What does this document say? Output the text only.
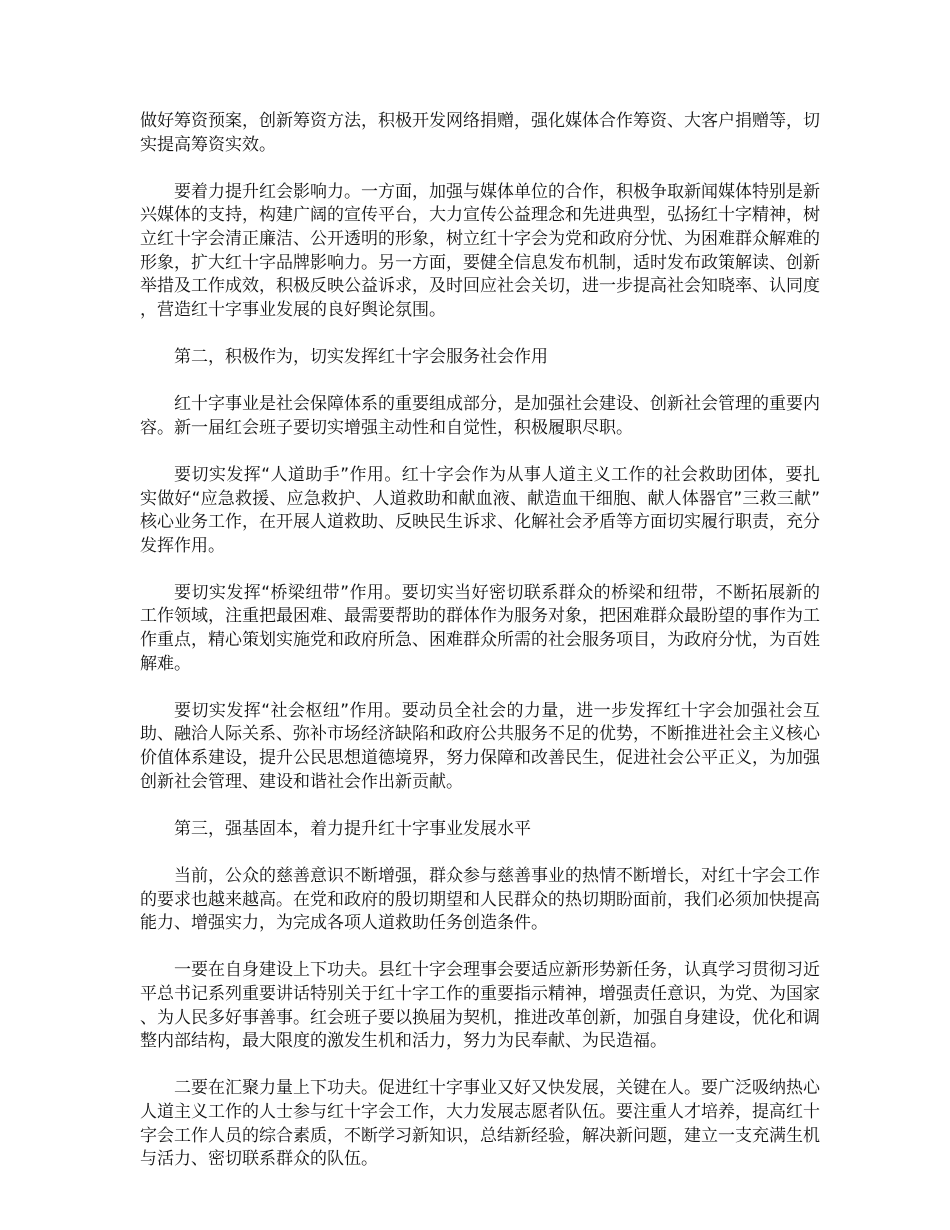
做好筹资预案，创新筹资方法，积极开发网络捐赠，强化媒体合作筹资、大客户捐赠等，切实提高筹资实效。

要着力提升红会影响力。一方面，加强与媒体单位的合作，积极争取新闻媒体特别是新兴媒体的支持，构建广阔的宣传平台，大力宣传公益理念和先进典型，弘扬红十字精神，树立红十字会清正廉洁、公开透明的形象，树立红十字会为党和政府分忧、为困难群众解难的形象，扩大红十字品牌影响力。另一方面，要健全信息发布机制，适时发布政策解读、创新举措及工作成效，积极反映公益诉求，及时回应社会关切，进一步提高社会知晓率、认同度，营造红十字事业发展的良好舆论氛围。

第二，积极作为，切实发挥红十字会服务社会作用

红十字事业是社会保障体系的重要组成部分，是加强社会建设、创新社会管理的重要内容。新一届红会班子要切实增强主动性和自觉性，积极履职尽职。

要切实发挥“人道助手”作用。红十字会作为从事人道主义工作的社会救助团体，要扎实做好“应急救援、应急救护、人道救助和献血液、献造血干细胞、献人体器官”三救三献”核心业务工作，在开展人道救助、反映民生诉求、化解社会矛盾等方面切实履行职责，充分发挥作用。

要切实发挥“桥梁纽带”作用。要切实当好密切联系群众的桥梁和纽带，不断拓展新的工作领域，注重把最困难、最需要帮助的群体作为服务对象，把困难群众最盼望的事作为工作重点，精心策划实施党和政府所急、困难群众所需的社会服务项目，为政府分忧，为百姓解难。

要切实发挥“社会枢纽”作用。要动员全社会的力量，进一步发挥红十字会加强社会互助、融洽人际关系、弥补市场经济缺陷和政府公共服务不足的优势，不断推进社会主义核心价值体系建设，提升公民思想道德境界，努力保障和改善民生，促进社会公平正义，为加强创新社会管理、建设和谐社会作出新贡献。

第三，强基固本，着力提升红十字事业发展水平

当前，公众的慈善意识不断增强，群众参与慈善事业的热情不断增长，对红十字会工作的要求也越来越高。在党和政府的殷切期望和人民群众的热切期盼面前，我们必须加快提高能力、增强实力，为完成各项人道救助任务创造条件。

一要在自身建设上下功夫。县红十字会理事会要适应新形势新任务，认真学习贯彻习近平总书记系列重要讲话特别关于红十字工作的重要指示精神，增强责任意识，为党、为国家、为人民多好事善事。红会班子要以换届为契机，推进改革创新，加强自身建设，优化和调整内部结构，最大限度的激发生机和活力，努力为民奉献、为民造福。

二要在汇聚力量上下功夫。促进红十字事业又好又快发展，关键在人。要广泛吸纳热心人道主义工作的人士参与红十字会工作，大力发展志愿者队伍。要注重人才培养，提高红十字会工作人员的综合素质，不断学习新知识，总结新经验，解决新问题，建立一支充满生机与活力、密切联系群众的队伍。
